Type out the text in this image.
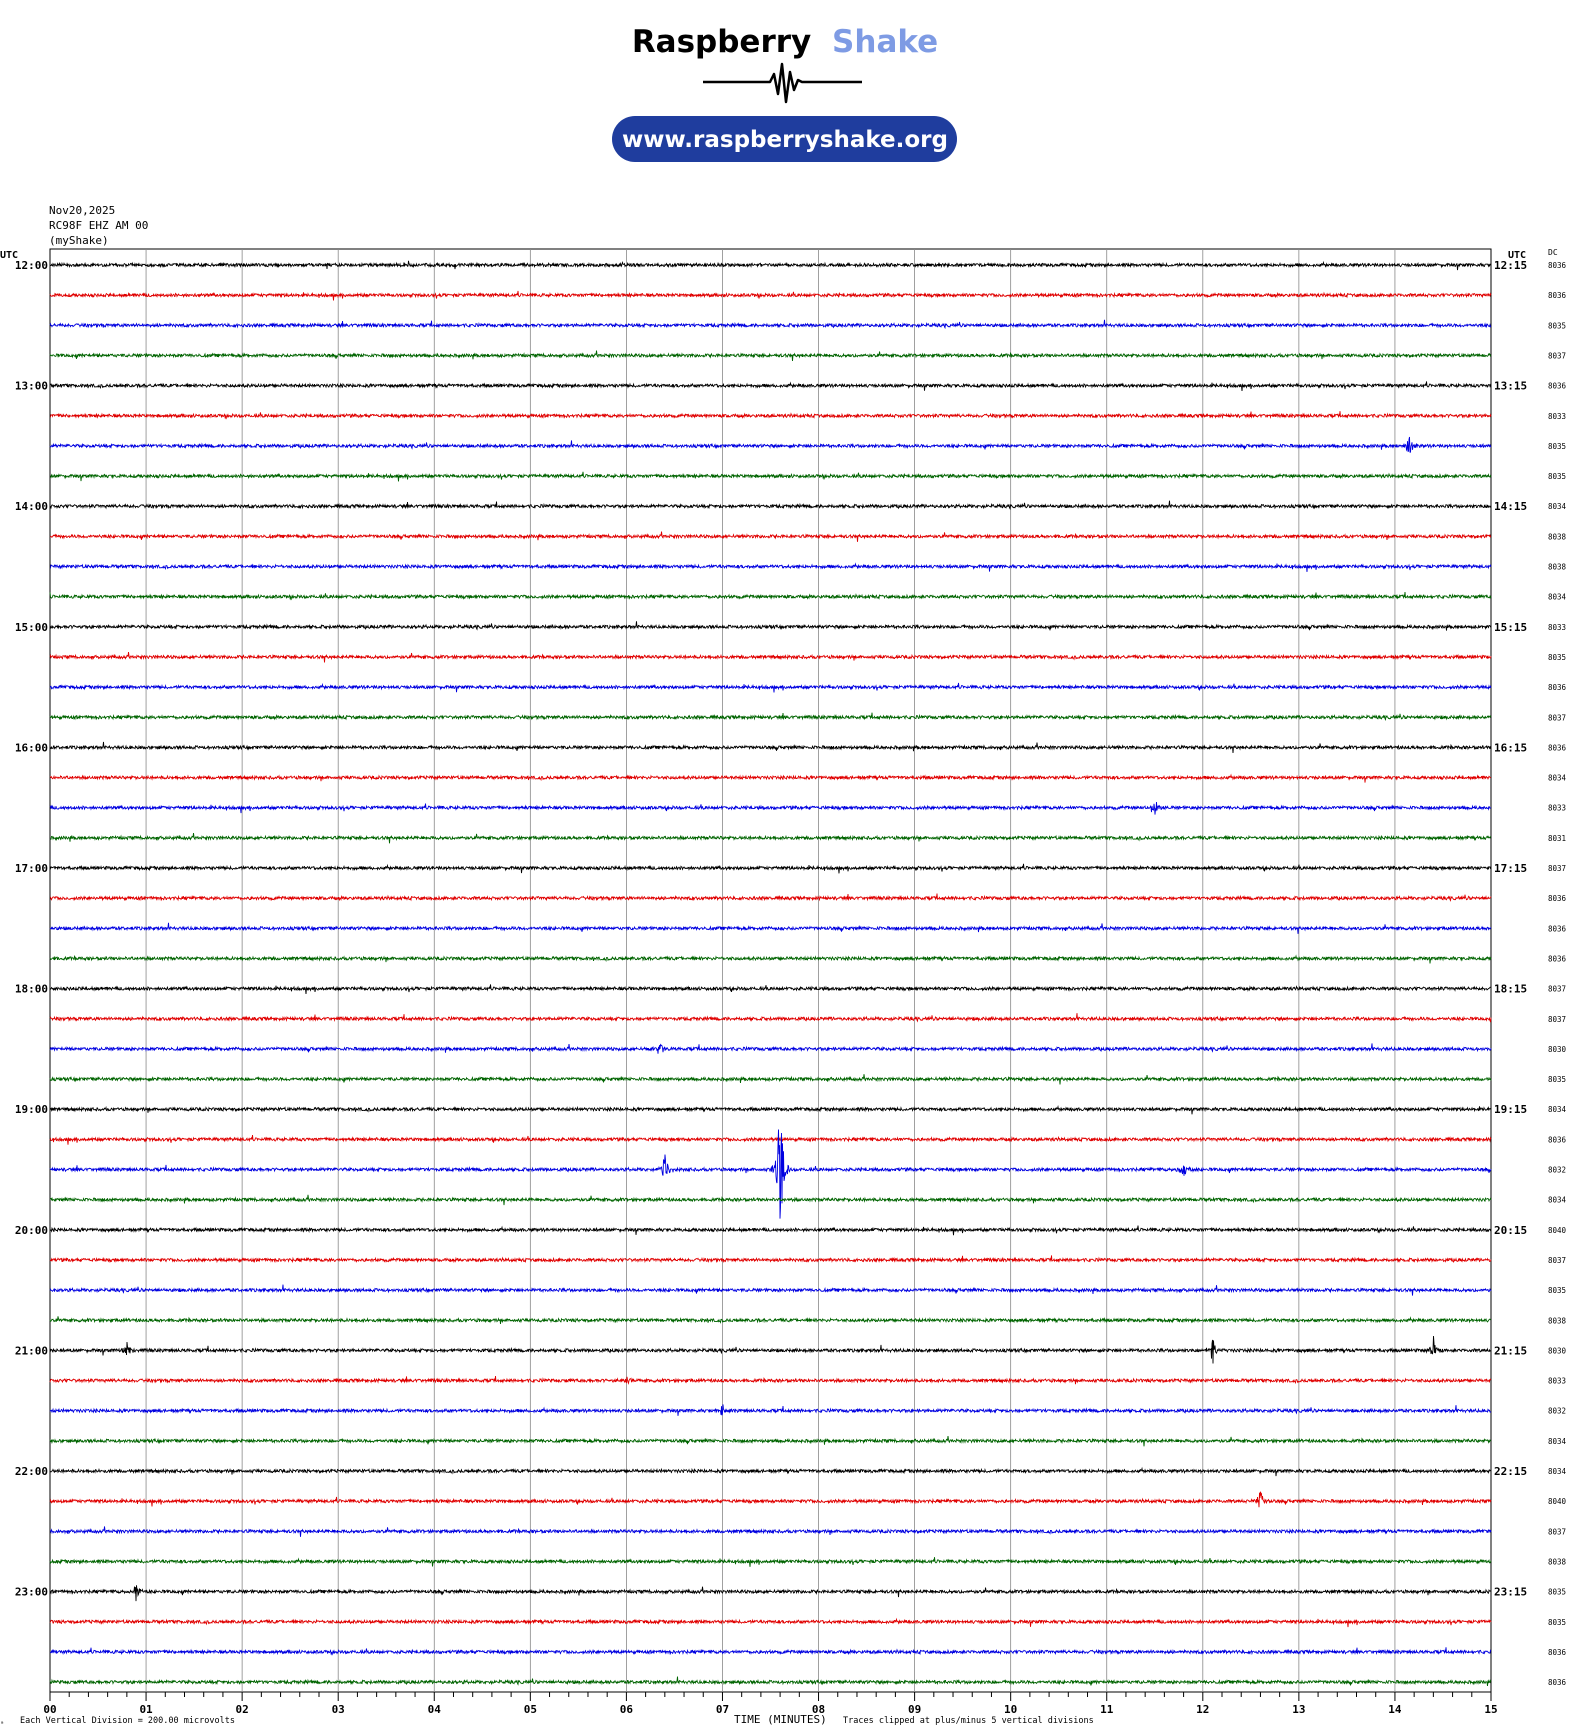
Raspberry Shake
www.raspberryshake.org
Nov20,2025
RC98F EHZ AM 00
(myShake)
UTC	UTC	DC
12:00
13:00
14:00
15:00
16:00
17:00
18:00
19:00
20:00
21:00
22:00
23:00
12:15
13:15
14:15
15:15
16:15
17:15
18:15
19:15
20:15
21:15
22:15
23:15
8036
8036
8035
8037
8036
8033
8035
8035
8034
8038
8038
8034
8033
8035
8036
8037
8036
8034
8033
8031
8037
8036
8036
8036
8037
8037
8030
8035
8034
8036
8032
8034
8040
8037
8035
8038
8030
8033
8032
8034
8034
8040
8037
8038
8035
8035
8036
8036
00	01	02	03	04	05	06	07	08	09	10	11	12	13	14	15
ᵃ Each Vertical Division = 200.00 microvolts	TIME (MINUTES) Traces clipped at plus/minus 5 vertical divisions
